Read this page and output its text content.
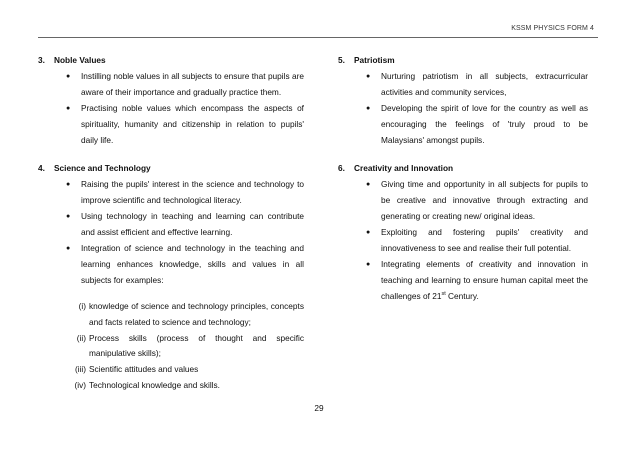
KSSM PHYSICS FORM 4
3.	Noble Values
● Instilling noble values in all subjects to ensure that pupils are aware of their importance and gradually practice them.
● Practising noble values which encompass the aspects of spirituality, humanity and citizenship in relation to pupils' daily life.
4.	Science and Technology
● Raising the pupils' interest in the science and technology to improve scientific and technological literacy.
● Using technology in teaching and learning can contribute and assist efficient and effective learning.
● Integration of science and technology in the teaching and learning enhances knowledge, skills and values in all subjects for examples:
(i) knowledge of science and technology principles, concepts and facts related to science and technology;
(ii) Process skills (process of thought and specific manipulative skills);
(iii) Scientific attitudes and values
(iv) Technological knowledge and skills.
5.	Patriotism
● Nurturing patriotism in all subjects, extracurricular activities and community services,
● Developing the spirit of love for the country as well as encouraging the feelings of 'truly proud to be Malaysians' amongst pupils.
6.	Creativity and Innovation
● Giving time and opportunity in all subjects for pupils to be creative and innovative through extracting and generating or creating new/ original ideas.
● Exploiting and fostering pupils' creativity and innovativeness to see and realise their full potential.
● Integrating elements of creativity and innovation in teaching and learning to ensure human capital meet the challenges of 21st Century.
29
